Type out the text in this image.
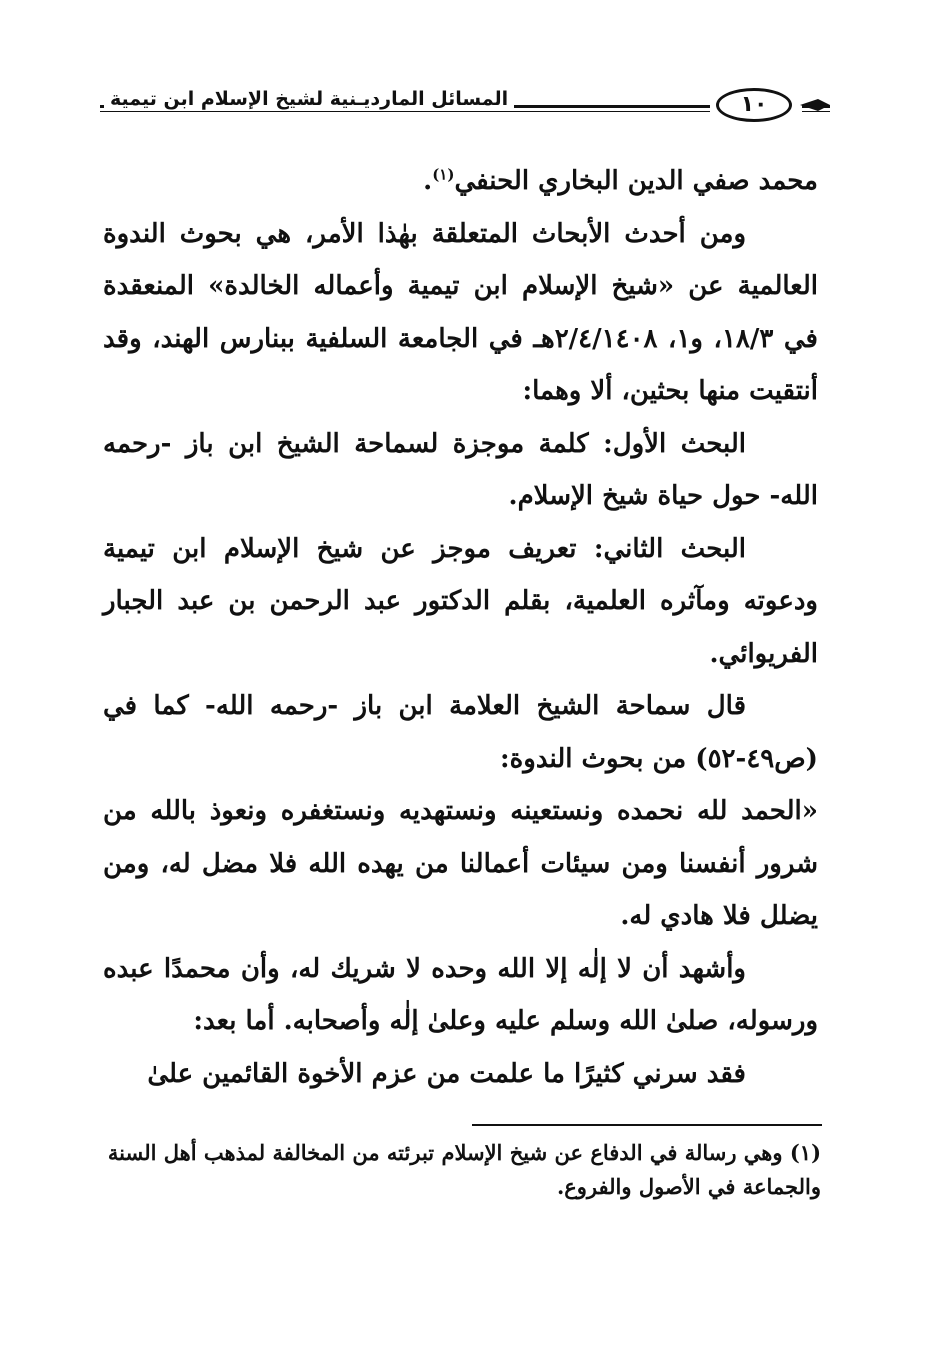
المسائل المارديـنية لشيخ الإسلام ابن تيمية	١٠

محمد صفي الدين البخاري الحنفي$^{(١)}$.

ومن أحدث الأبحاث المتعلقة بهٰذا الأمر، هي بحوث الندوة العالمية عن «شيخ الإسلام ابن تيمية وأعماله الخالدة» المنعقدة في ١٨/٣، و١، ٢/٤/١٤٠٨هـ في الجامعة السلفية ببنارس الهند، وقد أنتقيت منها بحثين، ألا وهما:

البحث الأول: كلمة موجزة لسماحة الشيخ ابن باز -رحمه الله- حول حياة شيخ الإسلام.

البحث الثاني: تعريف موجز عن شيخ الإسلام ابن تيمية ودعوته ومآثره العلمية، بقلم الدكتور عبد الرحمن بن عبد الجبار الفريوائي.

قال سماحة الشيخ العلامة ابن باز -رحمه الله- كما في (ص٤٩-٥٢) من بحوث الندوة:

«الحمد لله نحمده ونستعينه ونستهديه ونستغفره ونعوذ بالله من شرور أنفسنا ومن سيئات أعمالنا من يهده الله فلا مضل له، ومن يضلل فلا هادي له.

وأشهد أن لا إلٰه إلا الله وحده لا شريك له، وأن محمدًا عبده ورسوله، صلىٰ الله وسلم عليه وعلىٰ إلٰه وأصحابه. أما بعد:

فقد سرني كثيرًا ما علمت من عزم الأخوة القائمين علىٰ

(١) وهي رسالة في الدفاع عن شيخ الإسلام تبرئته من المخالفة لمذهب أهل السنة والجماعة في الأصول والفروع.
